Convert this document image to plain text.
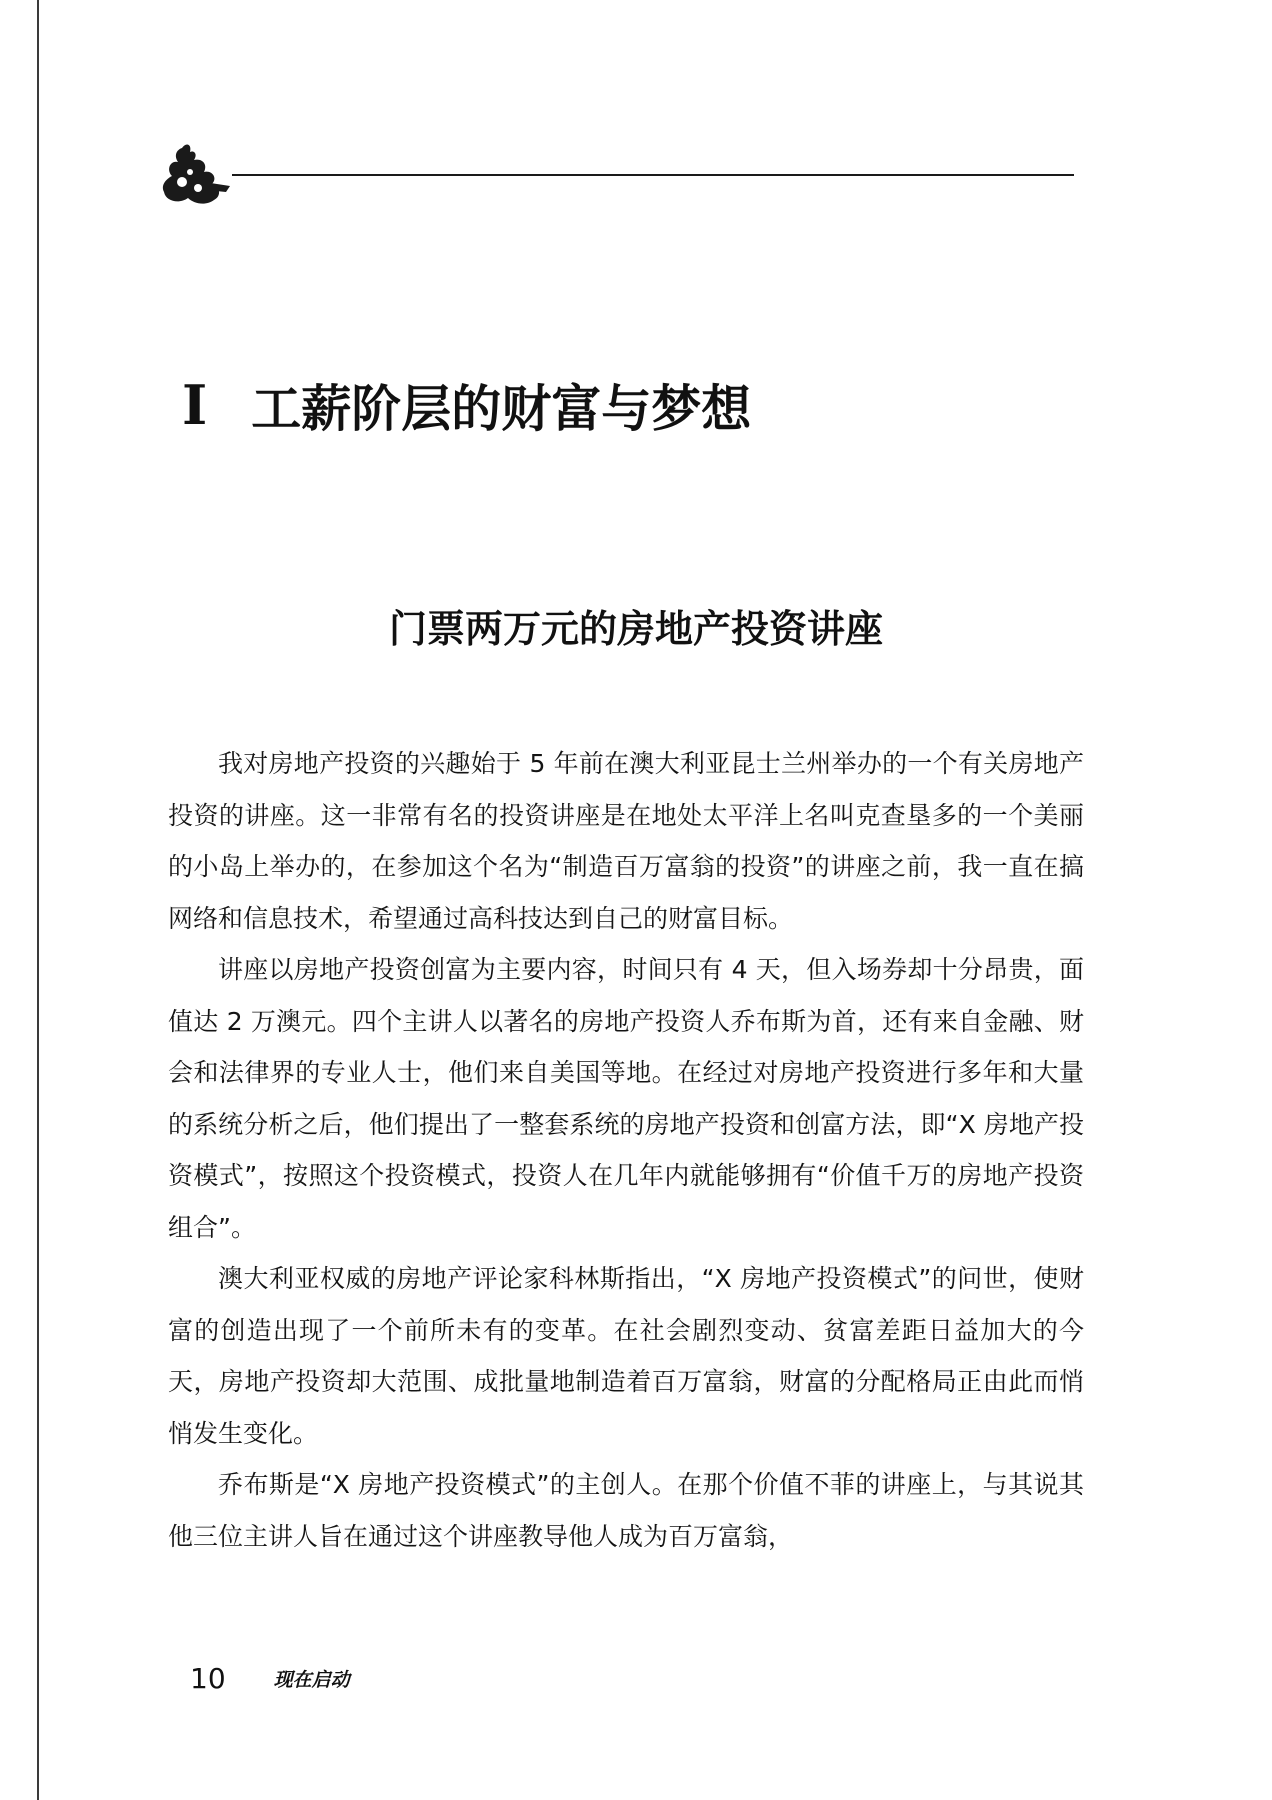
I 工薪阶层的财富与梦想
门票两万元的房地产投资讲座

我对房地产投资的兴趣始于 5 年前在澳大利亚昆士兰州举办的一个有关房地产投资的讲座。这一非常有名的投资讲座是在地处太平洋上名叫克查垦多的一个美丽的小岛上举办的，在参加这个名为“制造百万富翁的投资”的讲座之前，我一直在搞网络和信息技术，希望通过高科技达到自己的财富目标。

讲座以房地产投资创富为主要内容，时间只有 4 天，但入场券却十分昂贵，面值达 2 万澳元。四个主讲人以著名的房地产投资人乔布斯为首，还有来自金融、财会和法律界的专业人士，他们来自美国等地。在经过对房地产投资进行多年和大量的系统分析之后，他们提出了一整套系统的房地产投资和创富方法，即“X 房地产投资模式”，按照这个投资模式，投资人在几年内就能够拥有“价值千万的房地产投资组合”。

澳大利亚权威的房地产评论家科林斯指出，“X 房地产投资模式”的问世，使财富的创造出现了一个前所未有的变革。在社会剧烈变动、贫富差距日益加大的今天，房地产投资却大范围、成批量地制造着百万富翁，财富的分配格局正由此而悄悄发生变化。

乔布斯是“X 房地产投资模式”的主创人。在那个价值不菲的讲座上，与其说其他三位主讲人旨在通过这个讲座教导他人成为百万富翁，

10	现在启动
